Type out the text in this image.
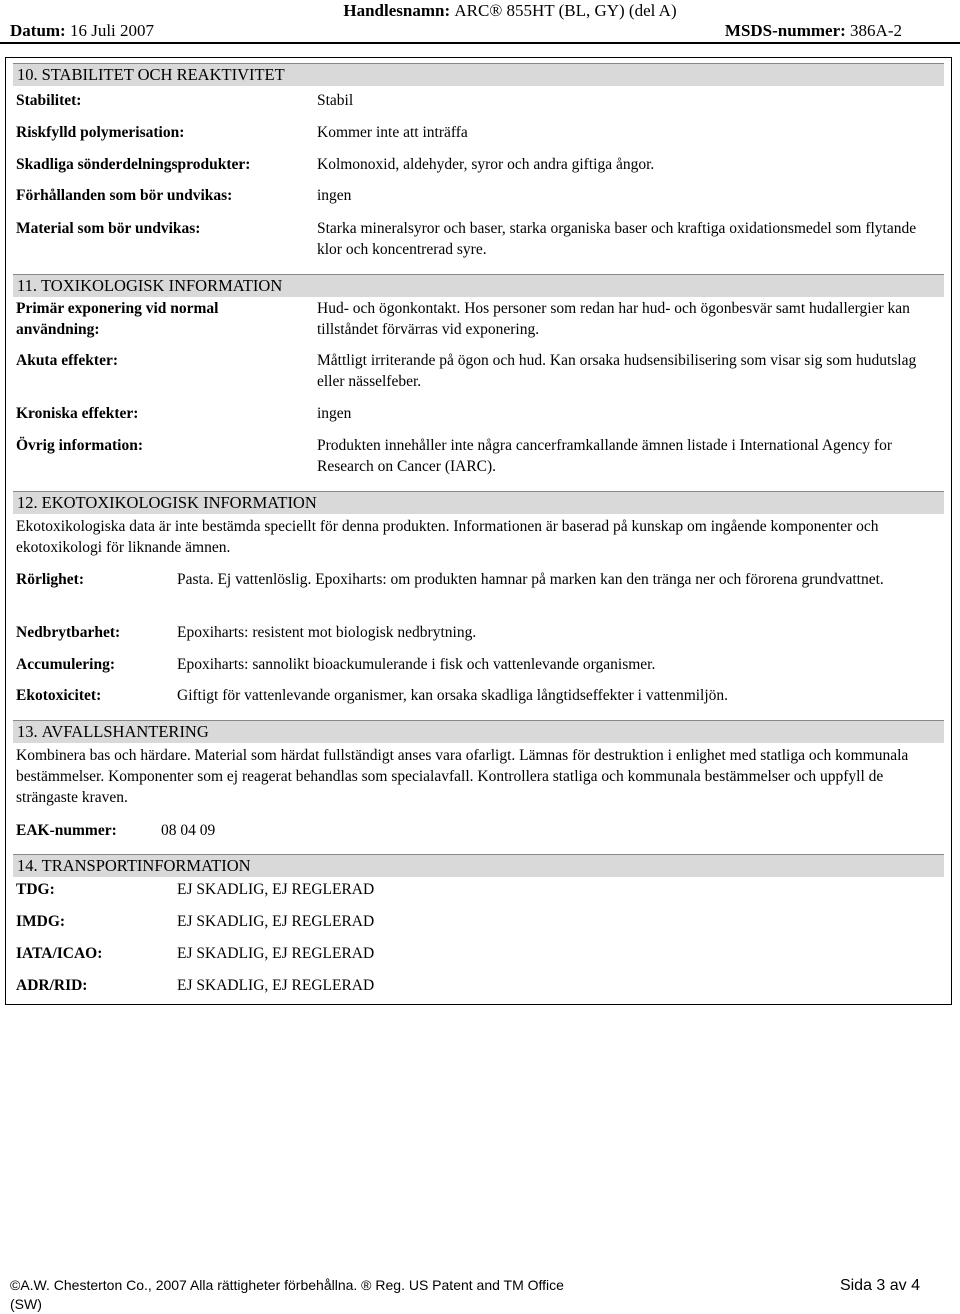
Handlesnamn: ARC® 855HT (BL, GY) (del A)
Datum: 16 Juli 2007	MSDS-nummer: 386A-2
10. STABILITET OCH REAKTIVITET
Stabilitet:	Stabil
Riskfylld polymerisation:	Kommer inte att inträffa
Skadliga sönderdelningsprodukter:	Kolmonoxid, aldehyder, syror och andra giftiga ångor.
Förhållanden som bör undvikas:	ingen
Material som bör undvikas:	Starka mineralsyror och baser, starka organiska baser och kraftiga oxidationsmedel som flytande klor och koncentrerad syre.
11. TOXIKOLOGISK INFORMATION
Primär exponering vid normal användning:
Hud- och ögonkontakt. Hos personer som redan har hud- och ögonbesvär samt hudallergier kan tillståndet förvärras vid exponering.
Akuta effekter:	Måttligt irriterande på ögon och hud. Kan orsaka hudsensibilisering som visar sig som hudutslag eller nässelfeber.
Kroniska effekter:	ingen
Övrig information:	Produkten innehåller inte några cancerframkallande ämnen listade i International Agency for Research on Cancer (IARC).
12. EKOTOXIKOLOGISK INFORMATION
Ekotoxikologiska data är inte bestämda speciellt för denna produkten. Informationen är baserad på kunskap om ingående komponenter och ekotoxikologi för liknande ämnen.
Rörlighet:	Pasta. Ej vattenlöslig. Epoxiharts: om produkten hamnar på marken kan den tränga ner och förorena grundvattnet.
Nedbrytbarhet:	Epoxiharts: resistent mot biologisk nedbrytning.
Accumulering:	Epoxiharts: sannolikt bioackumulerande i fisk och vattenlevande organismer.
Ekotoxicitet:	Giftigt för vattenlevande organismer, kan orsaka skadliga långtidseffekter i vattenmiljön.
13. AVFALLSHANTERING
Kombinera bas och härdare. Material som härdat fullständigt anses vara ofarligt. Lämnas för destruktion i enlighet med statliga och kommunala bestämmelser. Komponenter som ej reagerat behandlas som specialavfall. Kontrollera statliga och kommunala bestämmelser och uppfyll de strängaste kraven.
EAK-nummer:	08 04 09
14. TRANSPORTINFORMATION
TDG:	EJ SKADLIG, EJ REGLERAD
IMDG:	EJ SKADLIG, EJ REGLERAD
IATA/ICAO:	EJ SKADLIG, EJ REGLERAD
ADR/RID:	EJ SKADLIG, EJ REGLERAD
©A.W. Chesterton Co., 2007 Alla rättigheter förbehållna. ® Reg. US Patent and TM Office
(SW)
Sida 3 av 4
